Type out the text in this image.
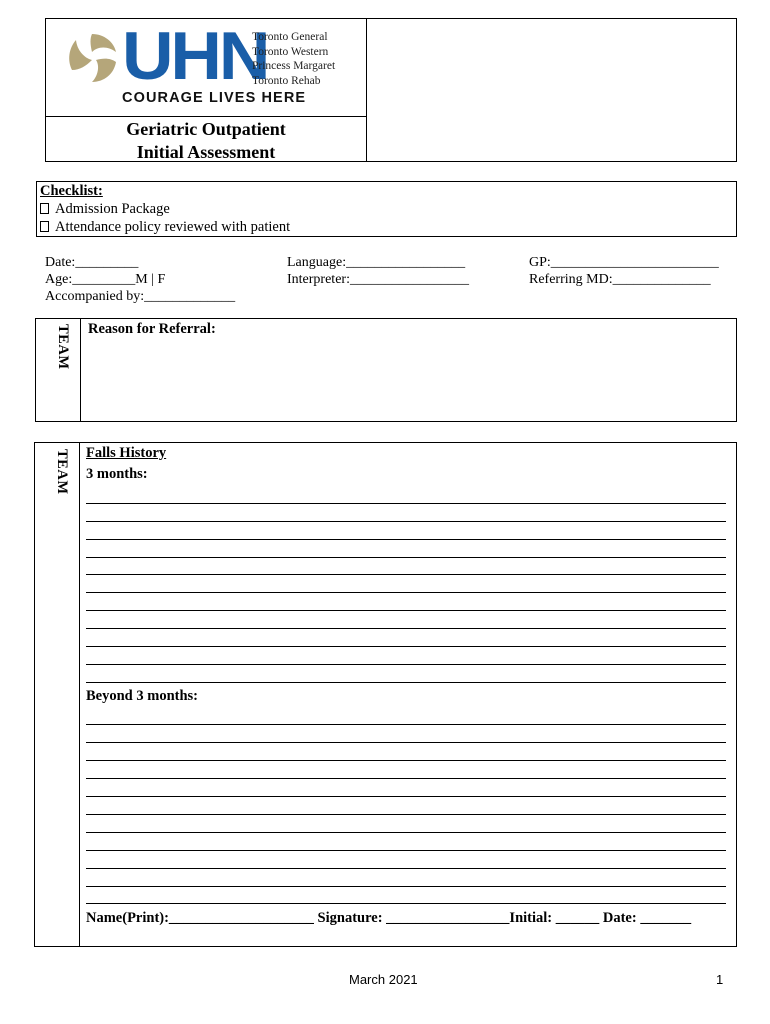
UHN
Toronto General
Toronto Western
Princess Margaret
Toronto Rehab
COURAGE LIVES HERE
Geriatric Outpatient
Initial Assessment
Checklist:
Admission Package
Attendance policy reviewed with patient
Date:_________
Age:_________M | F
Accompanied by:_____________
Language:_________________
Interpreter:_________________
GP:________________________
Referring MD:______________
TEAM Reason for Referral:
TEAM Falls History
3 months:
Beyond 3 months:
Name(Print):____________________ Signature: _________________Initial: ______ Date: _______
March 2021	1
